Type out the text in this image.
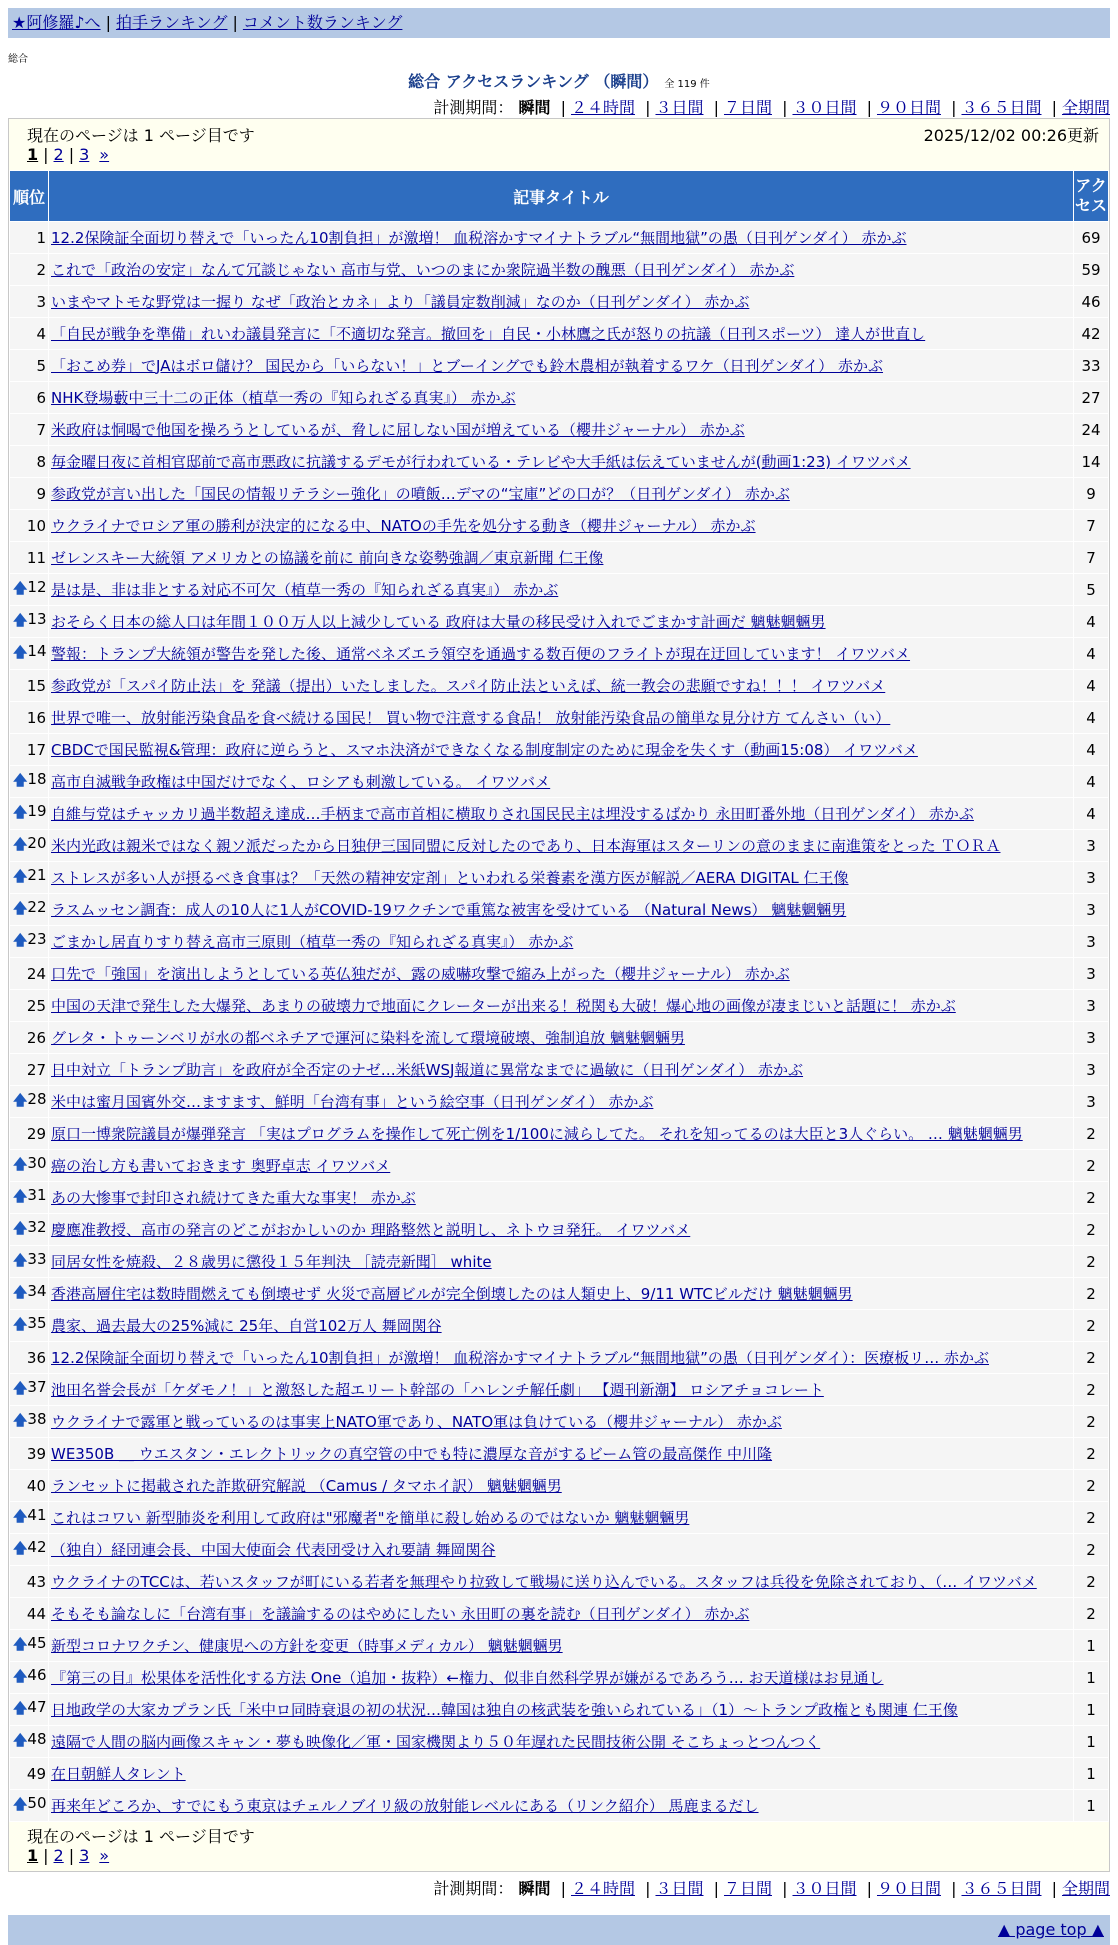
★阿修羅♪へ | 拍手ランキング | コメント数ランキング
総合
総合 アクセスランキング （瞬間） 全 119 件
計測期間： 瞬間 | ２４時間 | ３日間 | ７日間 | ３０日間 | ９０日間 | ３６５日間 | 全期間
現在のページは 1 ページ目です	2025/12/02 00:26更新
1 | 2 | 3 »
順位	記事タイトル	アクセス
1	12.2保険証全面切り替えで「いったん10割負担」が激増！ 血税溶かすマイナトラブル“無間地獄”の愚（日刊ゲンダイ） 赤かぶ	69
2	これで「政治の安定」なんて冗談じゃない 高市与党、いつのまにか衆院過半数の醜悪（日刊ゲンダイ） 赤かぶ	59
3	いまやマトモな野党は一握り なぜ「政治とカネ」より「議員定数削減」なのか（日刊ゲンダイ） 赤かぶ	46
4	「自民が戦争を準備」れいわ議員発言に「不適切な発言。撤回を」自民・小林鷹之氏が怒りの抗議（日刊スポーツ） 達人が世直し	42
5	「おこめ券」でJAはボロ儲け？ 国民から「いらない！」とブーイングでも鈴木農相が執着するワケ（日刊ゲンダイ） 赤かぶ	33
6	NHK登場藪中三十二の正体（植草一秀の『知られざる真実』） 赤かぶ	27
7	米政府は恫喝で他国を操ろうとしているが、脅しに屈しない国が増えている（櫻井ジャーナル） 赤かぶ	24
8	毎金曜日夜に首相官邸前で高市悪政に抗議するデモが行われている・テレビや大手紙は伝えていませんが(動画1:23) イワツバメ	14
9	参政党が言い出した「国民の情報リテラシー強化」の噴飯…デマの“宝庫”どの口が？（日刊ゲンダイ） 赤かぶ	9
10	ウクライナでロシア軍の勝利が決定的になる中、NATOの手先を処分する動き（櫻井ジャーナル） 赤かぶ	7
11	ゼレンスキー大統領 アメリカとの協議を前に 前向きな姿勢強調／東京新聞 仁王像	7

🡅 12	是は是、非は非とする対応不可欠（植草一秀の『知られざる真実』） 赤かぶ	5

🡅 13	おそらく日本の総人口は年間１００万人以上減少している 政府は大量の移民受け入れでごまかす計画だ 魑魅魍魎男	4

🡅 14	警報：トランプ大統領が警告を発した後、通常ベネズエラ領空を通過する数百便のフライトが現在迂回しています！ イワツバメ	4
15	参政党が「スパイ防止法」を 発議（提出）いたしました。スパイ防止法といえば、統一教会の悲願ですね！！！ イワツバメ	4
16	世界で唯一、放射能汚染食品を食べ続ける国民！ 買い物で注意する食品！ 放射能汚染食品の簡単な見分け方 てんさい（い）	4
17	CBDCで国民監視&管理：政府に逆らうと、スマホ決済ができなくなる制度制定のために現金を失くす（動画15:08） イワツバメ	4

🡅 18	高市自滅戦争政権は中国だけでなく、ロシアも刺激している。 イワツバメ	4

🡅 19	自維与党はチャッカリ過半数超え達成…手柄まで高市首相に横取りされ国民民主は埋没するばかり 永田町番外地（日刊ゲンダイ） 赤かぶ	4

🡅 20	米内光政は親米ではなく親ソ派だったから日独伊三国同盟に反対したのであり、日本海軍はスターリンの意のままに南進策をとった ＴＯＲＡ	3

🡅 21	ストレスが多い人が摂るべき食事は？「天然の精神安定剤」といわれる栄養素を漢方医が解説／AERA DIGITAL 仁王像	3

🡅 22	ラスムッセン調査：成人の10人に1人がCOVID-19ワクチンで重篤な被害を受けている （Natural News） 魑魅魍魎男	3

🡅 23	ごまかし居直りすり替え高市三原則（植草一秀の『知られざる真実』） 赤かぶ	3
24	口先で「強国」を演出しようとしている英仏独だが、露の威嚇攻撃で縮み上がった（櫻井ジャーナル） 赤かぶ	3
25	中国の天津で発生した大爆発、あまりの破壊力で地面にクレーターが出来る！税関も大破！爆心地の画像が凄まじいと話題に！ 赤かぶ	3
26	グレタ・トゥーンベリが水の都ベネチアで運河に染料を流して環境破壊、強制追放 魑魅魍魎男	3
27	日中対立「トランプ助言」を政府が全否定のナゼ…米紙WSJ報道に異常なまでに過敏に（日刊ゲンダイ） 赤かぶ	3

🡅 28	米中は蜜月国賓外交…ますます、鮮明「台湾有事」という絵空事（日刊ゲンダイ） 赤かぶ	3
29	原口一博衆院議員が爆弾発言 「実はプログラムを操作して死亡例を1/100に減らしてた。 それを知ってるのは大臣と3人ぐらい。 … 魑魅魍魎男	2

🡅 30	癌の治し方も書いておきます 奥野卓志 イワツバメ	2

🡅 31	あの大惨事で封印され続けてきた重大な事実！ 赤かぶ	2

🡅 32	慶應准教授、高市の発言のどこがおかしいのか 理路整然と説明し、ネトウヨ発狂。 イワツバメ	2

🡅 33	同居女性を焼殺、２８歳男に懲役１５年判決 ［読売新聞］ white	2

🡅 34	香港高層住宅は数時間燃えても倒壊せず 火災で高層ビルが完全倒壊したのは人類史上、9/11 WTCビルだけ 魑魅魍魎男	2

🡅 35	農家、過去最大の25%減に 25年、自営102万人 舞岡関谷	2
36	12.2保険証全面切り替えで「いったん10割負担」が激増！ 血税溶かすマイナトラブル“無間地獄”の愚（日刊ゲンダイ）：医療板リ… 赤かぶ	2

🡅 37	池田名誉会長が「ケダモノ！」と激怒した超エリート幹部の「ハレンチ解任劇」 【週刊新潮】 ロシアチョコレート	2

🡅 38	ウクライナで露軍と戦っているのは事実上NATO軍であり、NATO軍は負けている（櫻井ジャーナル） 赤かぶ	2
39	WE350B ＿ ウエスタン・エレクトリックの真空管の中でも特に濃厚な音がするビーム管の最高傑作 中川隆	2
40	ランセットに掲載された詐欺研究解説 （Camus / タマホイ訳） 魑魅魍魎男	2

🡅 41	これはコワい 新型肺炎を利用して政府は"邪魔者"を簡単に殺し始めるのではないか 魑魅魍魎男	2

🡅 42	（独自）経団連会長、中国大使面会 代表団受け入れ要請 舞岡関谷	2
43	ウクライナのTCCは、若いスタッフが町にいる若者を無理やり拉致して戦場に送り込んでいる。スタッフは兵役を免除されており、（… イワツバメ	2
44	そもそも論なしに「台湾有事」を議論するのはやめにしたい 永田町の裏を読む（日刊ゲンダイ） 赤かぶ	2

🡅 45	新型コロナワクチン、健康児への方針を変更（時事メディカル） 魑魅魍魎男	1

🡅 46	『第三の目』松果体を活性化する方法 One（追加・抜粋）←権力、似非自然科学界が嫌がるであろう… お天道様はお見通し	1

🡅 47	日地政学の大家カプラン氏「米中ロ同時衰退の初の状況…韓国は独自の核武装を強いられている」（1）～トランプ政権とも関連 仁王像	1

🡅 48	遠隔で人間の脳内画像スキャン・夢も映像化／軍・国家機関より５０年遅れた民間技術公開 そこちょっとつんつく	1
49	在日朝鮮人タレント	1

🡅 50	再来年どころか、すでにもう東京はチェルノブイリ級の放射能レベルにある（リンク紹介） 馬鹿まるだし	1
現在のページは 1 ページ目です
1 | 2 | 3 »
計測期間： 瞬間 | ２４時間 | ３日間 | ７日間 | ３０日間 | ９０日間 | ３６５日間 | 全期間
▲ page top ▲
